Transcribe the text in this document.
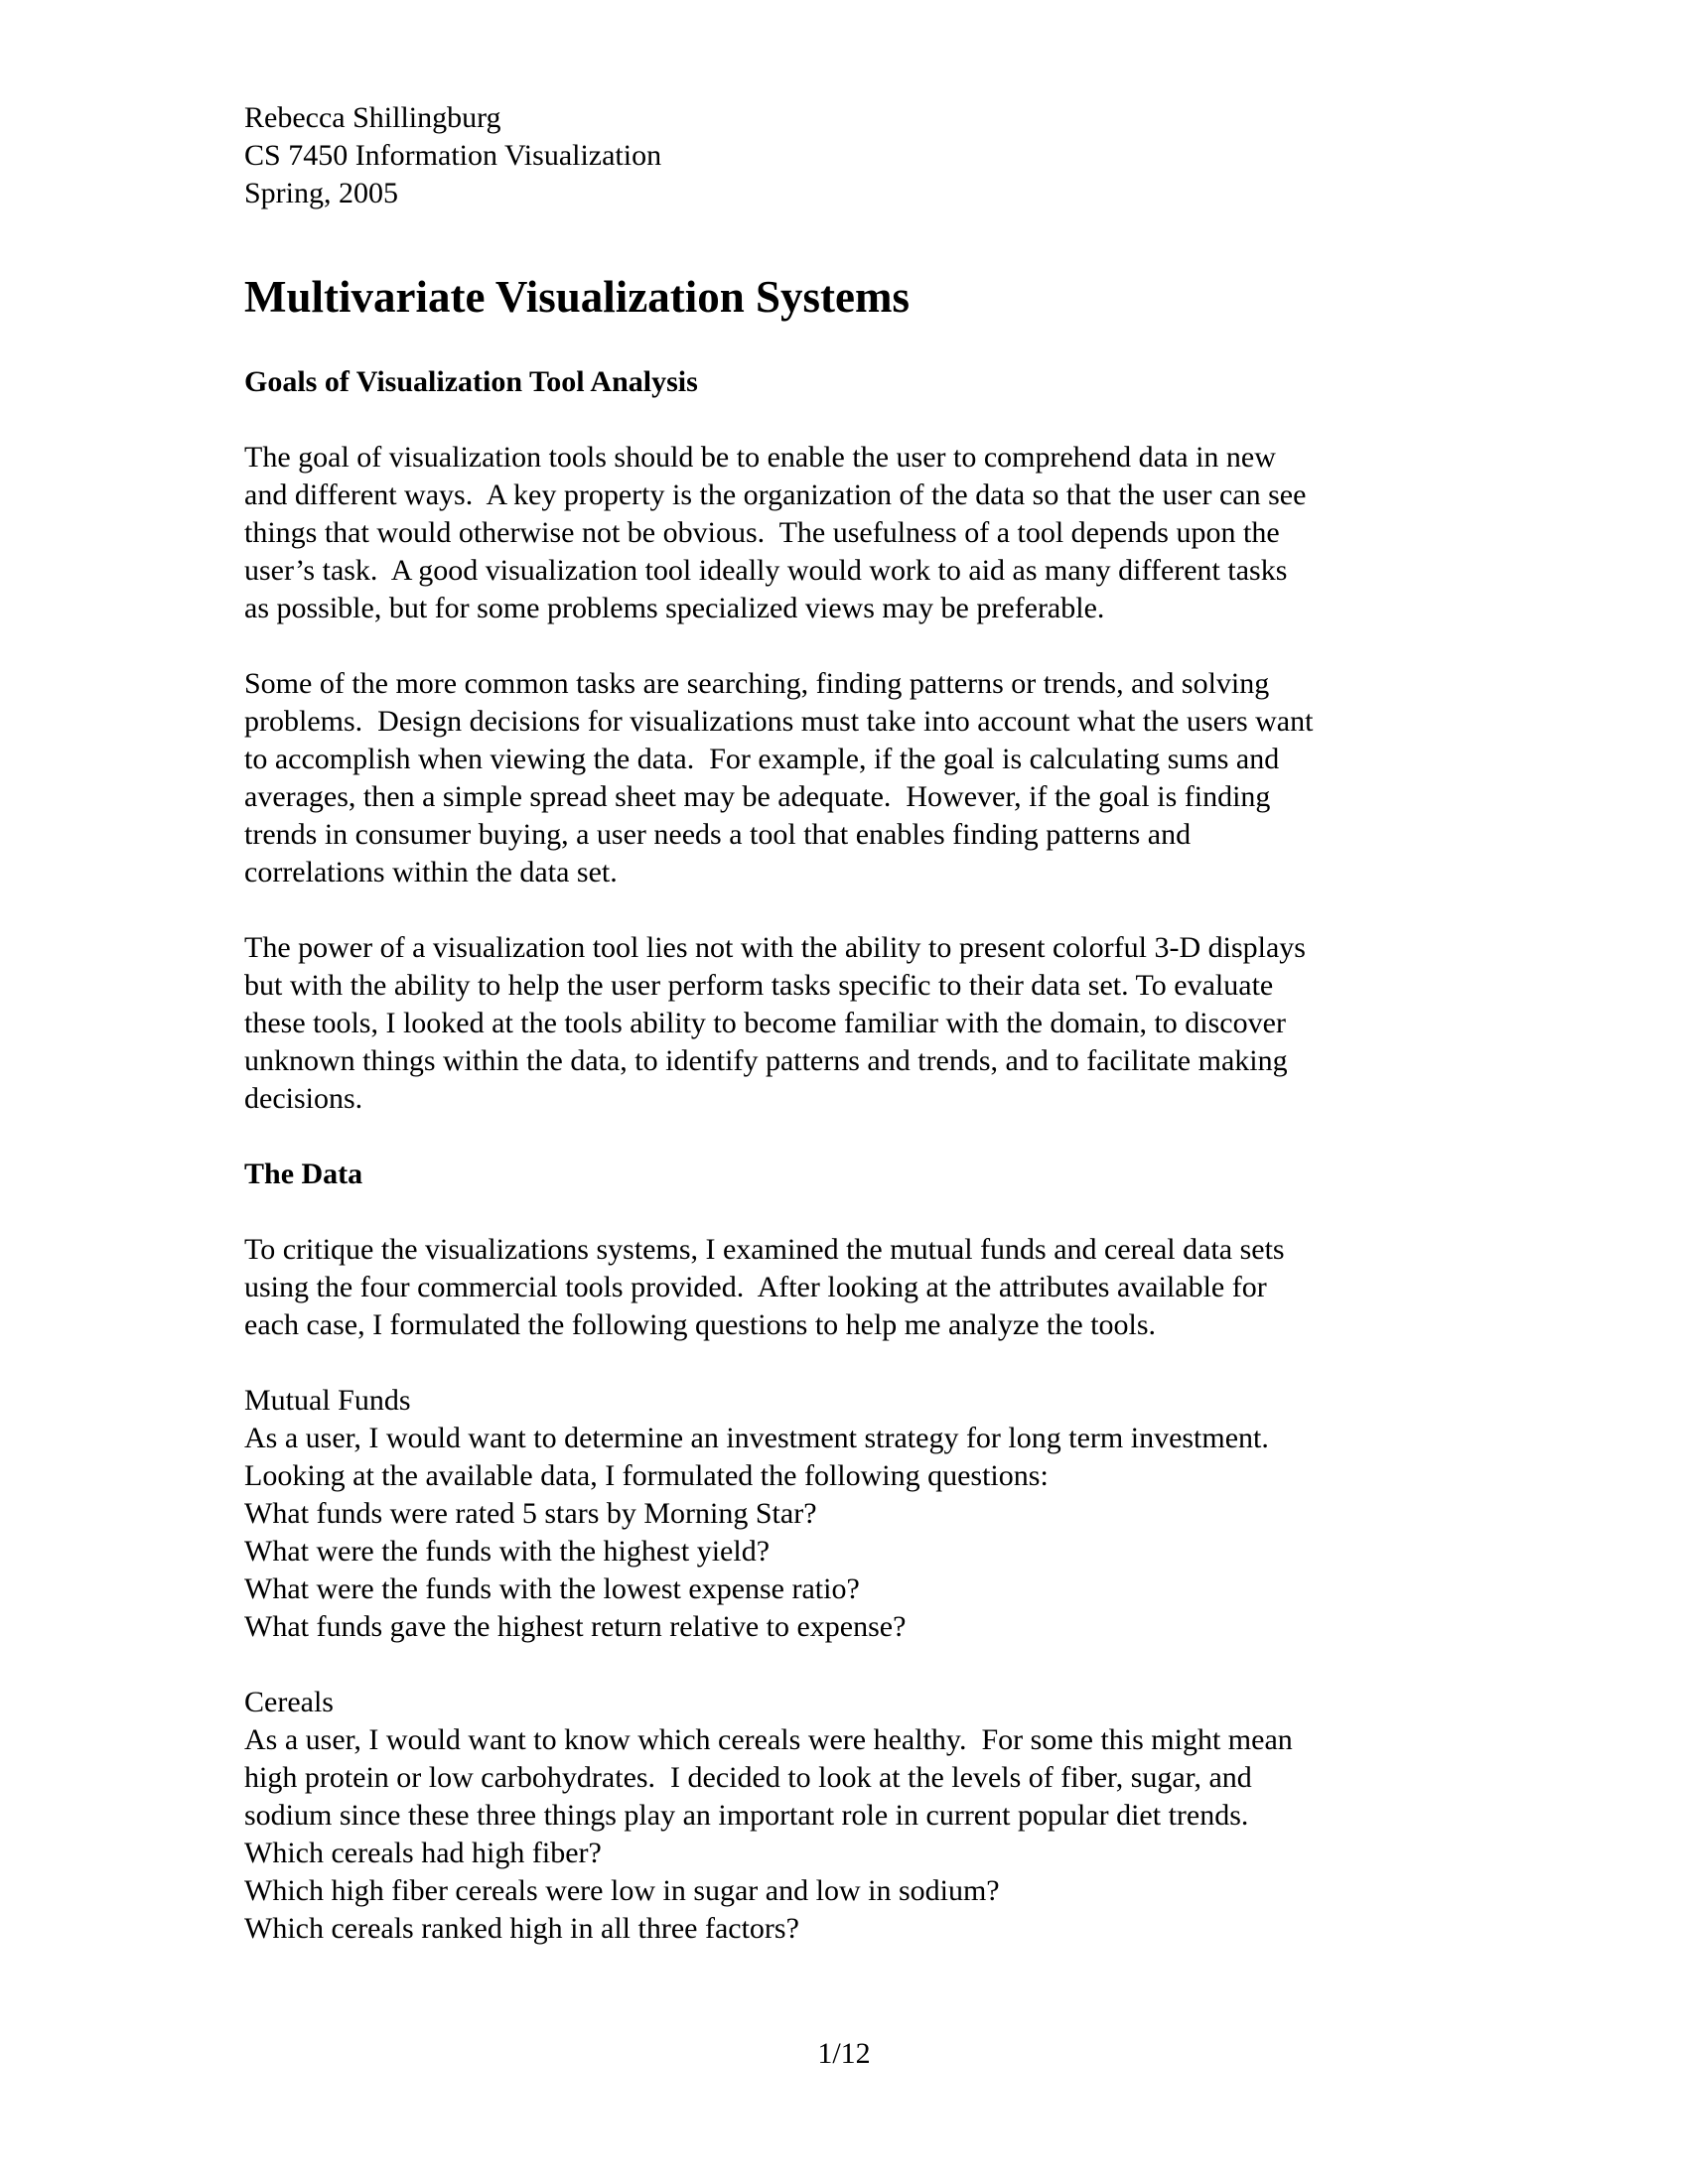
Rebecca Shillingburg
CS 7450 Information Visualization
Spring, 2005
Multivariate Visualization Systems
Goals of Visualization Tool Analysis
The goal of visualization tools should be to enable the user to comprehend data in new
and different ways.  A key property is the organization of the data so that the user can see
things that would otherwise not be obvious.  The usefulness of a tool depends upon the
user’s task.  A good visualization tool ideally would work to aid as many different tasks
as possible, but for some problems specialized views may be preferable.
Some of the more common tasks are searching, finding patterns or trends, and solving
problems.  Design decisions for visualizations must take into account what the users want
to accomplish when viewing the data.  For example, if the goal is calculating sums and
averages, then a simple spread sheet may be adequate.  However, if the goal is finding
trends in consumer buying, a user needs a tool that enables finding patterns and
correlations within the data set.
The power of a visualization tool lies not with the ability to present colorful 3-D displays
but with the ability to help the user perform tasks specific to their data set. To evaluate
these tools, I looked at the tools ability to become familiar with the domain, to discover
unknown things within the data, to identify patterns and trends, and to facilitate making
decisions.
The Data
To critique the visualizations systems, I examined the mutual funds and cereal data sets
using the four commercial tools provided.  After looking at the attributes available for
each case, I formulated the following questions to help me analyze the tools.
Mutual Funds
As a user, I would want to determine an investment strategy for long term investment.
Looking at the available data, I formulated the following questions:
What funds were rated 5 stars by Morning Star?
What were the funds with the highest yield?
What were the funds with the lowest expense ratio?
What funds gave the highest return relative to expense?
Cereals
As a user, I would want to know which cereals were healthy.  For some this might mean
high protein or low carbohydrates.  I decided to look at the levels of fiber, sugar, and
sodium since these three things play an important role in current popular diet trends.
Which cereals had high fiber?
Which high fiber cereals were low in sugar and low in sodium?
Which cereals ranked high in all three factors?
1/12
